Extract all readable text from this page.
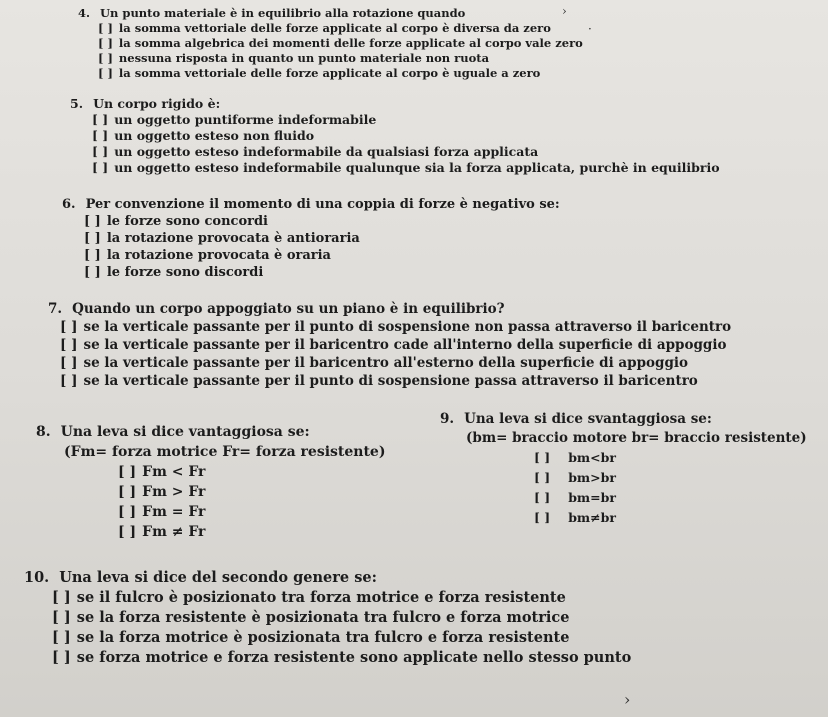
4. Un punto materiale è in equilibrio alla rotazione quando
[ ] la somma vettoriale delle forze applicate al corpo è diversa da zero
[ ] la somma algebrica dei momenti delle forze applicate al corpo vale zero
[ ] nessuna risposta in quanto un punto materiale non ruota
[ ] la somma vettoriale delle forze applicate al corpo è uguale a zero
5. Un corpo rigido è:
[ ] un oggetto puntiforme indeformabile
[ ] un oggetto esteso non fluido
[ ] un oggetto esteso indeformabile da qualsiasi forza applicata
[ ] un oggetto esteso indeformabile qualunque sia la forza applicata, purchè in equilibrio
6. Per convenzione il momento di una coppia di forze è negativo se:
[ ] le forze sono concordi
[ ] la rotazione provocata è antioraria
[ ] la rotazione provocata è oraria
[ ] le forze sono discordi
7. Quando un corpo appoggiato su un piano è in equilibrio?
[ ] se la verticale passante per il punto di sospensione non passa attraverso il baricentro
[ ] se la verticale passante per il baricentro cade all'interno della superficie di appoggio
[ ] se la verticale passante per il baricentro all'esterno della superficie di appoggio
[ ] se la verticale passante per il punto di sospensione passa attraverso il baricentro
8. Una leva si dice vantaggiosa se:
(Fm= forza motrice Fr= forza resistente)
[ ] Fm < Fr
[ ] Fm > Fr
[ ] Fm = Fr
[ ] Fm ≠ Fr
9. Una leva si dice svantaggiosa se:
(bm= braccio motore br= braccio resistente)
[ ] bm<br
[ ] bm>br
[ ] bm=br
[ ] bm≠br
10. Una leva si dice del secondo genere se:
[ ] se il fulcro è posizionato tra forza motrice e forza resistente
[ ] se la forza resistente è posizionata tra fulcro e forza motrice
[ ] se la forza motrice è posizionata tra fulcro e forza resistente
[ ] se forza motrice e forza resistente sono applicate nello stesso punto
›
·
›
